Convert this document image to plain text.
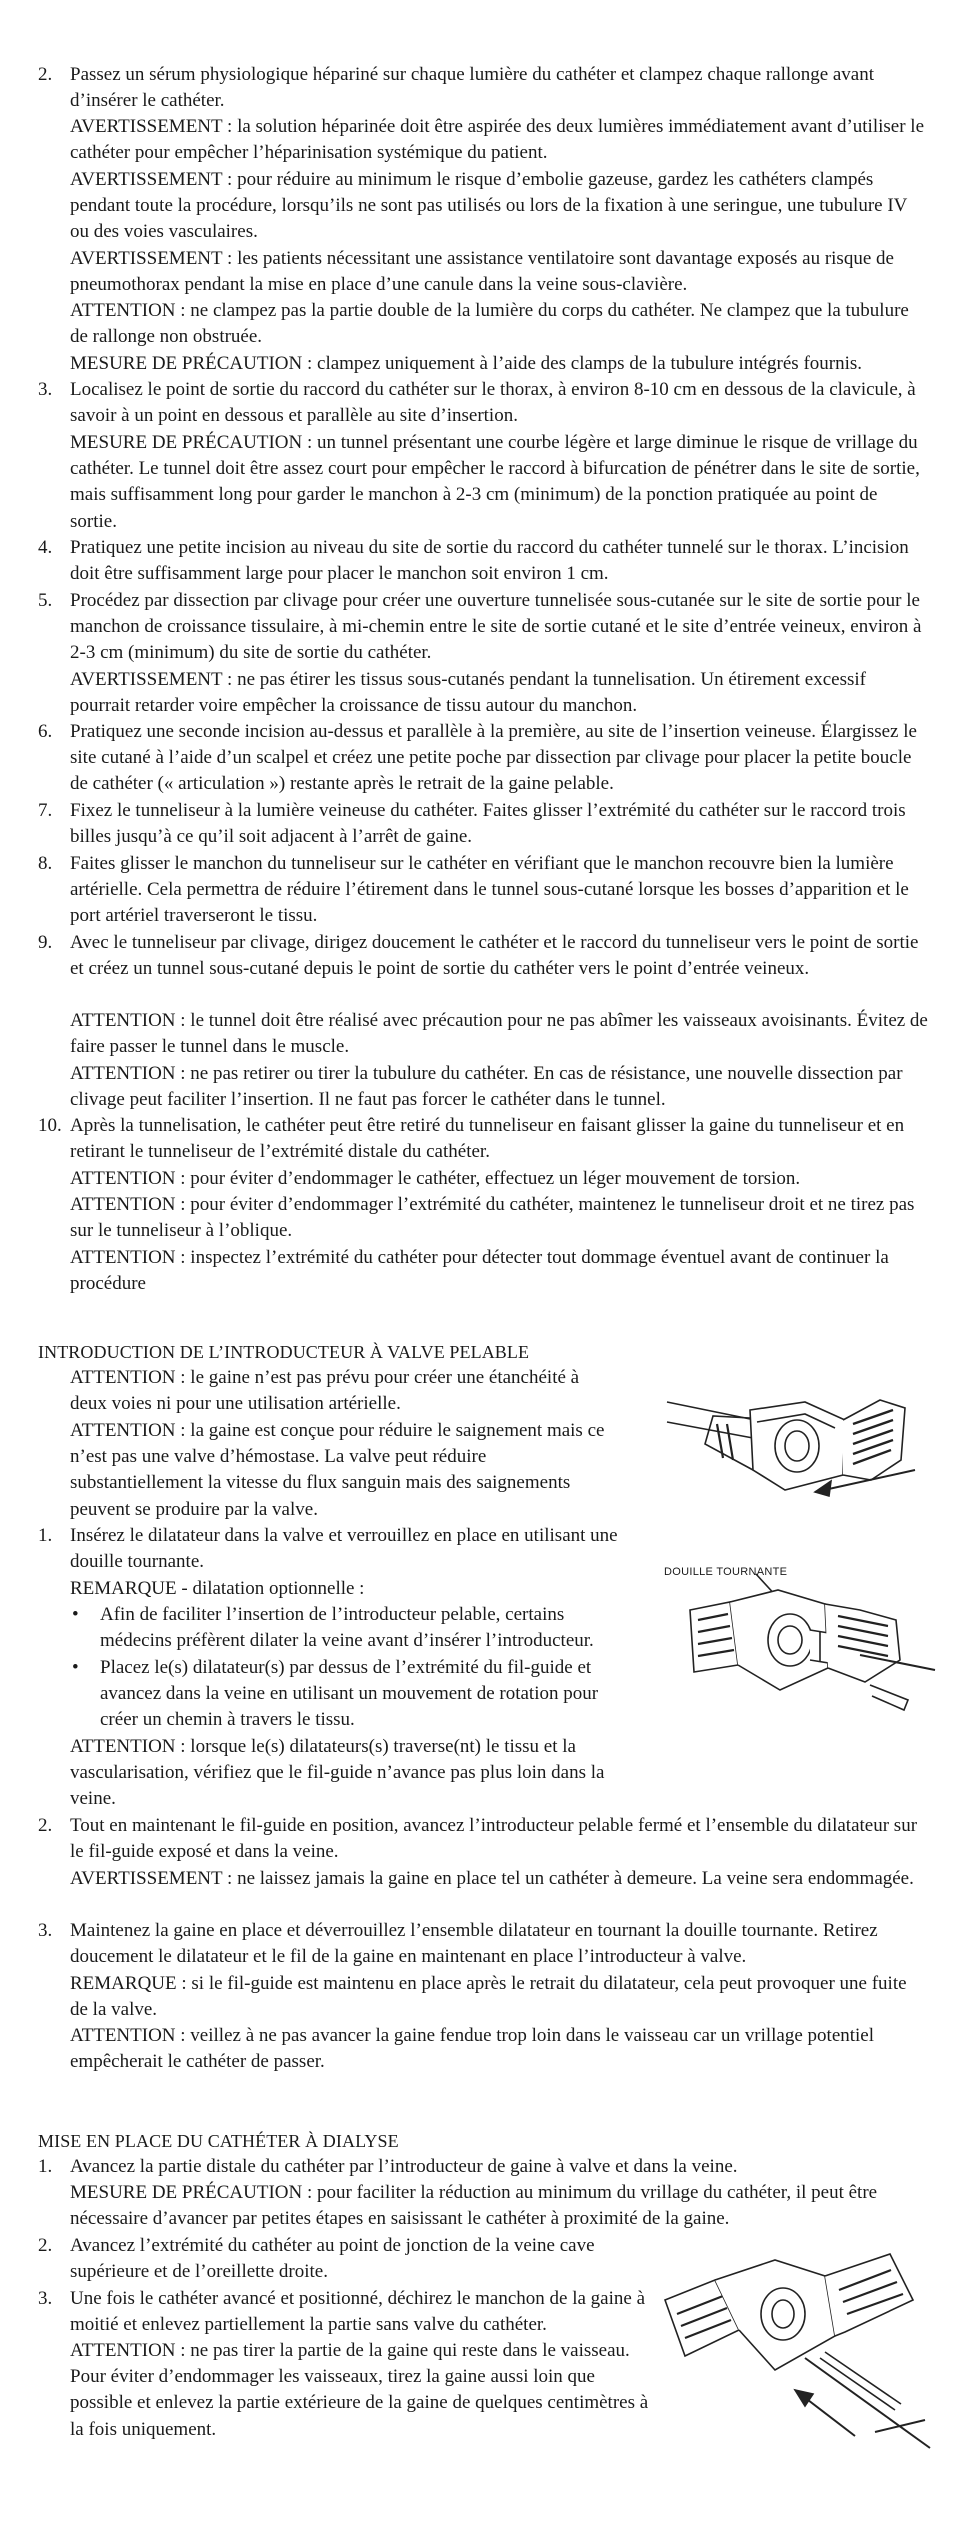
2. Passez un sérum physiologique hépariné sur chaque lumière du cathéter et clampez chaque rallonge avant d’insérer le cathéter.

AVERTISSEMENT : la solution héparinée doit être aspirée des deux lumières immédiatement avant d’utiliser le cathéter pour empêcher l’héparinisation systémique du patient.

AVERTISSEMENT : pour réduire au minimum le risque d’embolie gazeuse, gardez les cathéters clampés pendant toute la procédure, lorsqu’ils ne sont pas utilisés ou lors de la fixation à une seringue, une tubulure IV ou des voies vasculaires.

AVERTISSEMENT : les patients nécessitant une assistance ventilatoire sont davantage exposés au risque de pneumothorax pendant la mise en place d’une canule dans la veine sous-clavière.

ATTENTION : ne clampez pas la partie double de la lumière du corps du cathéter. Ne clampez que la tubulure de rallonge non obstruée.

MESURE DE PRÉCAUTION : clampez uniquement à l’aide des clamps de la tubulure intégrés fournis.

3. Localisez le point de sortie du raccord du cathéter sur le thorax, à environ 8-10 cm en dessous de la clavicule, à savoir à un point en dessous et parallèle au site d’insertion.

MESURE DE PRÉCAUTION : un tunnel présentant une courbe légère et large diminue le risque de vrillage du cathéter. Le tunnel doit être assez court pour empêcher le raccord à bifurcation de pénétrer dans le site de sortie, mais suffisamment long pour garder le manchon à 2-3 cm (minimum) de la ponction pratiquée au point de sortie.

4. Pratiquez une petite incision au niveau du site de sortie du raccord du cathéter tunnelé sur le thorax. L’incision doit être suffisamment large pour placer le manchon soit environ 1 cm.

5. Procédez par dissection par clivage pour créer une ouverture tunnelisée sous-cutanée sur le site de sortie pour le manchon de croissance tissulaire, à mi-chemin entre le site de sortie cutané et le site d’entrée veineux, environ à 2-3 cm (minimum) du site de sortie du cathéter.

AVERTISSEMENT : ne pas étirer les tissus sous-cutanés pendant la tunnelisation. Un étirement excessif pourrait retarder voire empêcher la croissance de tissu autour du manchon.

6. Pratiquez une seconde incision au-dessus et parallèle à la première, au site de l’insertion veineuse. Élargissez le site cutané à l’aide d’un scalpel et créez une petite poche par dissection par clivage pour placer la petite boucle de cathéter (« articulation ») restante après le retrait de la gaine pelable.

7. Fixez le tunneliseur à la lumière veineuse du cathéter. Faites glisser l’extrémité du cathéter sur le raccord trois billes jusqu’à ce qu’il soit adjacent à l’arrêt de gaine.

8. Faites glisser le manchon du tunneliseur sur le cathéter en vérifiant que le manchon recouvre bien la lumière artérielle. Cela permettra de réduire l’étirement dans le tunnel sous-cutané lorsque les bosses d’apparition et le port artériel traverseront le tissu.

9. Avec le tunneliseur par clivage, dirigez doucement le cathéter et le raccord du tunneliseur vers le point de sortie et créez un tunnel sous-cutané depuis le point de sortie du cathéter vers le point d’entrée veineux.

ATTENTION : le tunnel doit être réalisé avec précaution pour ne pas abîmer les vaisseaux avoisinants. Évitez de faire passer le tunnel dans le muscle.

ATTENTION : ne pas retirer ou tirer la tubulure du cathéter. En cas de résistance, une nouvelle dissection par clivage peut faciliter l’insertion. Il ne faut pas forcer le cathéter dans le tunnel.

10. Après la tunnelisation, le cathéter peut être retiré du tunneliseur en faisant glisser la gaine du tunneliseur et en retirant le tunneliseur de l’extrémité distale du cathéter.

ATTENTION : pour éviter d’endommager le cathéter, effectuez un léger mouvement de torsion.

ATTENTION : pour éviter d’endommager l’extrémité du cathéter, maintenez le tunneliseur droit et ne tirez pas sur le tunneliseur à l’oblique.

ATTENTION : inspectez l’extrémité du cathéter pour détecter tout dommage éventuel avant de continuer la procédure

INTRODUCTION DE L’INTRODUCTEUR À VALVE PELABLE

ATTENTION : le gaine n’est pas prévu pour créer une étanchéité à deux voies ni pour une utilisation artérielle.

ATTENTION : la gaine est conçue pour réduire le saignement mais ce n’est pas une valve d’hémostase. La valve peut réduire substantiellement la vitesse du flux sanguin mais des saignements peuvent se produire par la valve.

1. Insérez le dilatateur dans la valve et verrouillez en place en utilisant une douille tournante.

REMARQUE - dilatation optionnelle :

• Afin de faciliter l’insertion de l’introducteur pelable, certains médecins préfèrent dilater la veine avant d’insérer l’introducteur.

• Placez le(s) dilatateur(s) par dessus de l’extrémité du fil-guide et avancez dans la veine en utilisant un mouvement de rotation pour créer un chemin à travers le tissu.

ATTENTION : lorsque le(s) dilatateurs(s) traverse(nt) le tissu et la vascularisation, vérifiez que le fil-guide n’avance pas plus loin dans la veine.

2. Tout en maintenant le fil-guide en position, avancez l’introducteur pelable fermé et l’ensemble du dilatateur sur le fil-guide exposé et dans la veine.

AVERTISSEMENT : ne laissez jamais la gaine en place tel un cathéter à demeure. La veine sera endommagée.

3. Maintenez la gaine en place et déverrouillez l’ensemble dilatateur en tournant la douille tournante. Retirez doucement le dilatateur et le fil de la gaine en maintenant en place l’introducteur à valve.

REMARQUE : si le fil-guide est maintenu en place après le retrait du dilatateur, cela peut provoquer une fuite de la valve.

ATTENTION : veillez à ne pas avancer la gaine fendue trop loin dans le vaisseau car un vrillage potentiel empêcherait le cathéter de passer.

DOUILLE TOURNANTE
MISE EN PLACE DU CATHÉTER À DIALYSE
1. Avancez la partie distale du cathéter par l’introducteur de gaine à valve et dans la veine.

MESURE DE PRÉCAUTION : pour faciliter la réduction au minimum du vrillage du cathéter, il peut être nécessaire d’avancer par petites étapes en saisissant le cathéter à proximité de la gaine.

2. Avancez l’extrémité du cathéter au point de jonction de la veine cave supérieure et de l’oreillette droite.

3. Une fois le cathéter avancé et positionné, déchirez le manchon de la gaine à moitié et enlevez partiellement la partie sans valve du cathéter.

ATTENTION : ne pas tirer la partie de la gaine qui reste dans le vaisseau. Pour éviter d’endommager les vaisseaux, tirez la gaine aussi loin que possible et enlevez la partie extérieure de la gaine de quelques centimètres à la fois uniquement.
